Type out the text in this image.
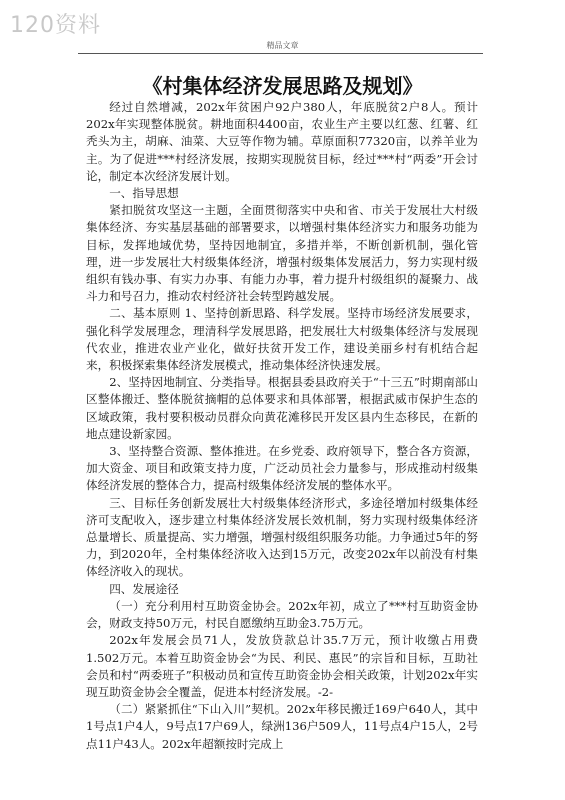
120资料
精品文章
《村集体经济发展思路及规划》

经过自然增减，202x年贫困户92户380人，年底脱贫2户8人。预计202x年实现整体脱贫。耕地面积4400亩，农业生产主要以红葱、红薯、红秃头为主，胡麻、油菜、大豆等作物为辅。草原面积77320亩，以养羊业为主。为了促进***村经济发展，按期实现脱贫目标，经过***村“两委”开会讨论，制定本次经济发展计划。

一、指导思想

紧扣脱贫攻坚这一主题，全面贯彻落实中央和省、市关于发展壮大村级集体经济、夯实基层基础的部署要求，以增强村集体经济实力和服务功能为目标，发挥地域优势，坚持因地制宜，多措并举，不断创新机制，强化管理，进一步发展壮大村级集体经济，增强村级集体发展活力，努力实现村级组织有钱办事、有实力办事、有能力办事，着力提升村级组织的凝聚力、战斗力和号召力，推动农村经济社会转型跨越发展。

二、基本原则 1、坚持创新思路、科学发展。坚持市场经济发展要求，强化科学发展理念，理清科学发展思路，把发展壮大村级集体经济与发展现代农业，推进农业产业化，做好扶贫开发工作，建设美丽乡村有机结合起来，积极探索集体经济发展模式，推动集体经济快速发展。

2、坚持因地制宜、分类指导。根据县委县政府关于“十三五”时期南部山区整体搬迁、整体脱贫摘帽的总体要求和具体部署，根据武威市保护生态的区域政策，我村要积极动员群众向黄花滩移民开发区县内生态移民，在新的地点建设新家园。

3、坚持整合资源、整体推进。在乡党委、政府领导下，整合各方资源，加大资金、项目和政策支持力度，广泛动员社会力量参与，形成推动村级集体经济发展的整体合力，提高村级集体经济发展的整体水平。

三、目标任务创新发展壮大村级集体经济形式，多途径增加村级集体经济可支配收入，逐步建立村集体经济发展长效机制，努力实现村级集体经济总量增长、质量提高、实力增强，增强村级组织服务功能。力争通过5年的努力，到2020年，全村集体经济收入达到15万元，改变202x年以前没有村集体经济收入的现状。

四、发展途径

（一）充分利用村互助资金协会。202x年初，成立了***村互助资金协会，财政支持50万元，村民自愿缴纳互助金3.75万元。

202x年发展会员71人，发放贷款总计35.7万元，预计收缴占用费1.502万元。本着互助资金协会“为民、利民、惠民”的宗旨和目标，互助社会员和村“两委班子”积极动员和宣传互助资金协会相关政策，计划202x年实现互助资金协会全覆盖，促进本村经济发展。-2-

（二）紧紧抓住“下山入川”契机。202x年移民搬迁169户640人，其中1号点1户4人，9号点17户69人，绿洲136户509人，11号点4户15人，2号点11户43人。202x年超额按时完成上
